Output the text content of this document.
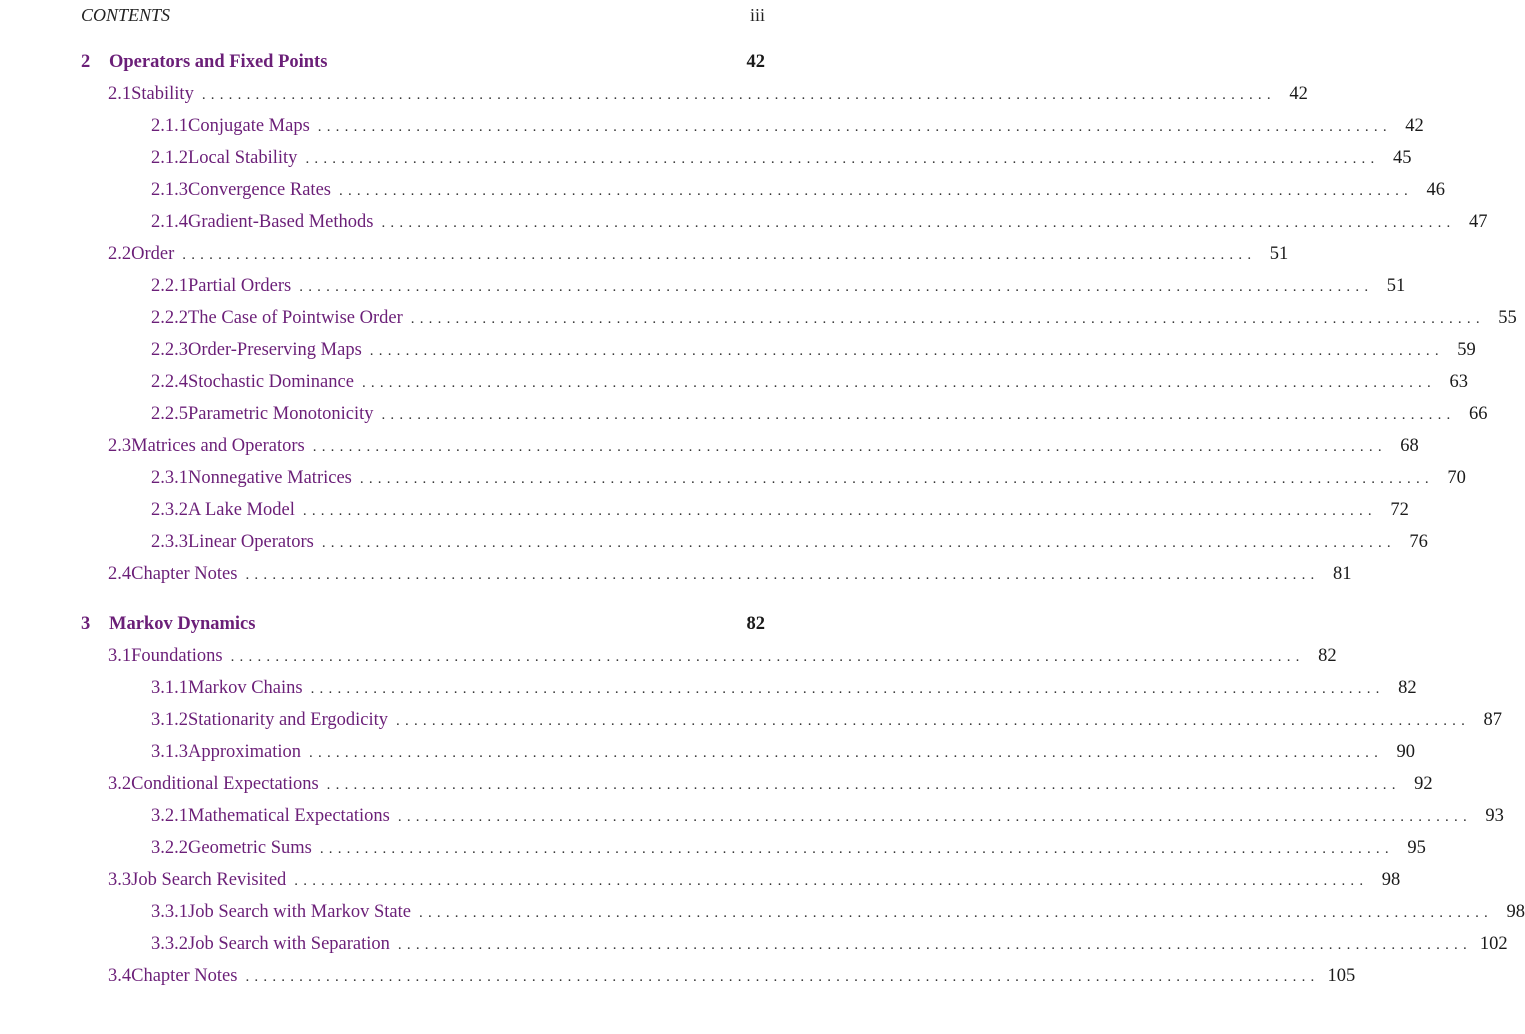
CONTENTS	iii
2	Operators and Fixed Points	42
2.1 Stability ........................................................................................................................ 42
2.1.1 Conjugate Maps ........................................................................................................................ 42
2.1.2 Local Stability ........................................................................................................................ 45
2.1.3 Convergence Rates ........................................................................................................................ 46
2.1.4 Gradient-Based Methods ........................................................................................................................ 47
2.2 Order ........................................................................................................................ 51
2.2.1 Partial Orders ........................................................................................................................ 51
2.2.2 The Case of Pointwise Order ........................................................................................................................ 55
2.2.3 Order-Preserving Maps ........................................................................................................................ 59
2.2.4 Stochastic Dominance ........................................................................................................................ 63
2.2.5 Parametric Monotonicity ........................................................................................................................ 66
2.3 Matrices and Operators ........................................................................................................................ 68
2.3.1 Nonnegative Matrices ........................................................................................................................ 70
2.3.2 A Lake Model ........................................................................................................................ 72
2.3.3 Linear Operators ........................................................................................................................ 76
2.4 Chapter Notes ........................................................................................................................ 81
3	Markov Dynamics	82
3.1 Foundations ........................................................................................................................ 82
3.1.1 Markov Chains ........................................................................................................................ 82
3.1.2 Stationarity and Ergodicity ........................................................................................................................ 87
3.1.3 Approximation ........................................................................................................................ 90
3.2 Conditional Expectations ........................................................................................................................ 92
3.2.1 Mathematical Expectations ........................................................................................................................ 93
3.2.2 Geometric Sums ........................................................................................................................ 95
3.3 Job Search Revisited ........................................................................................................................ 98
3.3.1 Job Search with Markov State ........................................................................................................................ 98
3.3.2 Job Search with Separation ........................................................................................................................ 102
3.4 Chapter Notes ........................................................................................................................ 105
